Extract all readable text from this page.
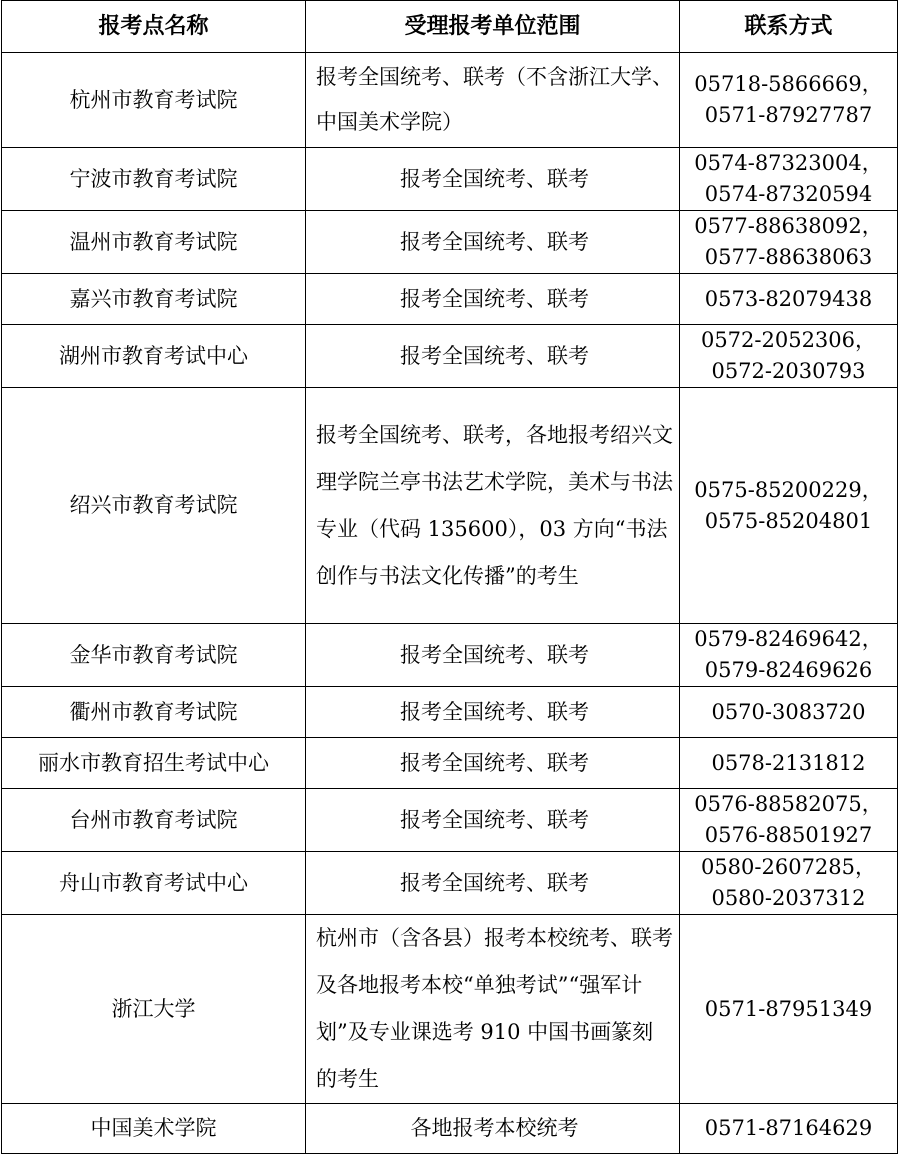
报考点名称	受理报考单位范围	联系方式
杭州市教育考试院	报考全国统考、联考（不含浙江大学、中国美术学院）	05718-5866669，
0571-87927787

宁波市教育考试院	报考全国统考、联考	0574-87323004，
0574-87320594

温州市教育考试院	报考全国统考、联考	0577-88638092，
0577-88638063

嘉兴市教育考试院	报考全国统考、联考	0573-82079438

湖州市教育考试中心	报考全国统考、联考	0572-2052306，
0572-2030793

绍兴市教育考试院	报考全国统考、联考，各地报考绍兴文理学院兰亭书法艺术学院，美术与书法专业（代码 135600），03 方向“书法创作与书法文化传播”的考生	0575-85200229，
0575-85204801

金华市教育考试院	报考全国统考、联考	0579-82469642，
0579-82469626

衢州市教育考试院	报考全国统考、联考	0570-3083720

丽水市教育招生考试中心	报考全国统考、联考	0578-2131812

台州市教育考试院	报考全国统考、联考	0576-88582075，
0576-88501927

舟山市教育考试中心	报考全国统考、联考	0580-2607285，
0580-2037312

浙江大学	杭州市（含各县）报考本校统考、联考及各地报考本校“单独考试”“强军计划”及专业课选考 910 中国书画篆刻的考生	0571-87951349

中国美术学院	各地报考本校统考	0571-87164629
